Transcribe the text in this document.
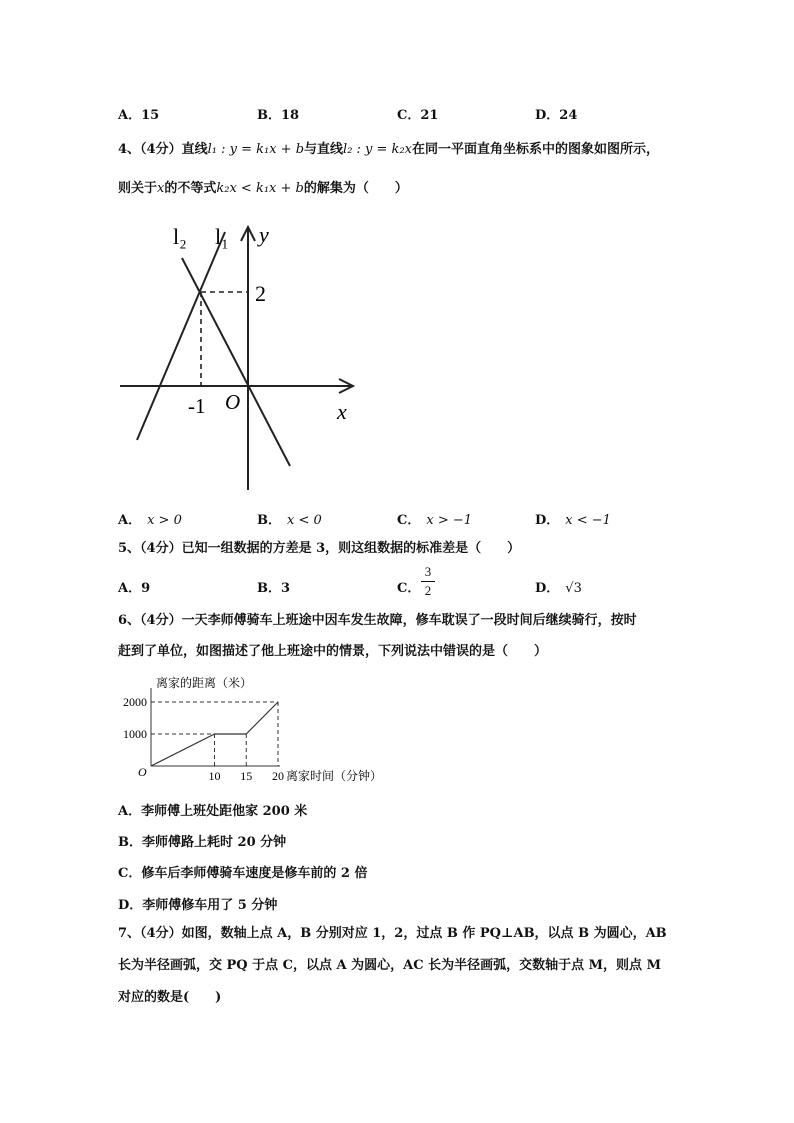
A．15	B．18	C．21	D．24
4、（4分）直线l₁ : y = k₁x + b与直线l₂ : y = k₂x在同一平面直角坐标系中的图象如图所示，
则关于x的不等式k₂x < k₁x + b的解集为（　　）
l₂ l₁ y
2
-1 O	x
A． x > 0	B． x < 0	C． x > −1	D． x < −1
5、（4分）已知一组数据的方差是 3，则这组数据的标准差是（　　）
A．9	B．3	C．
3
2	D． √3
6、（4分）一天李师傅骑车上班途中因车发生故障，修车耽误了一段时间后继续骑行，按时
赶到了单位，如图描述了他上班途中的情景，下列说法中错误的是（　　）
离家的距离（米）
离家时间（分钟）
O
1000
2000
10 15 20
A．李师傅上班处距他家 200 米
B．李师傅路上耗时 20 分钟
C．修车后李师傅骑车速度是修车前的 2 倍
D．李师傅修车用了 5 分钟
7、（4分）如图，数轴上点 A，B 分别对应 1，2，过点 B 作 PQ⊥AB，以点 B 为圆心，AB
长为半径画弧，交 PQ 于点 C，以点 A 为圆心，AC 长为半径画弧，交数轴于点 M，则点 M
对应的数是(　　)
